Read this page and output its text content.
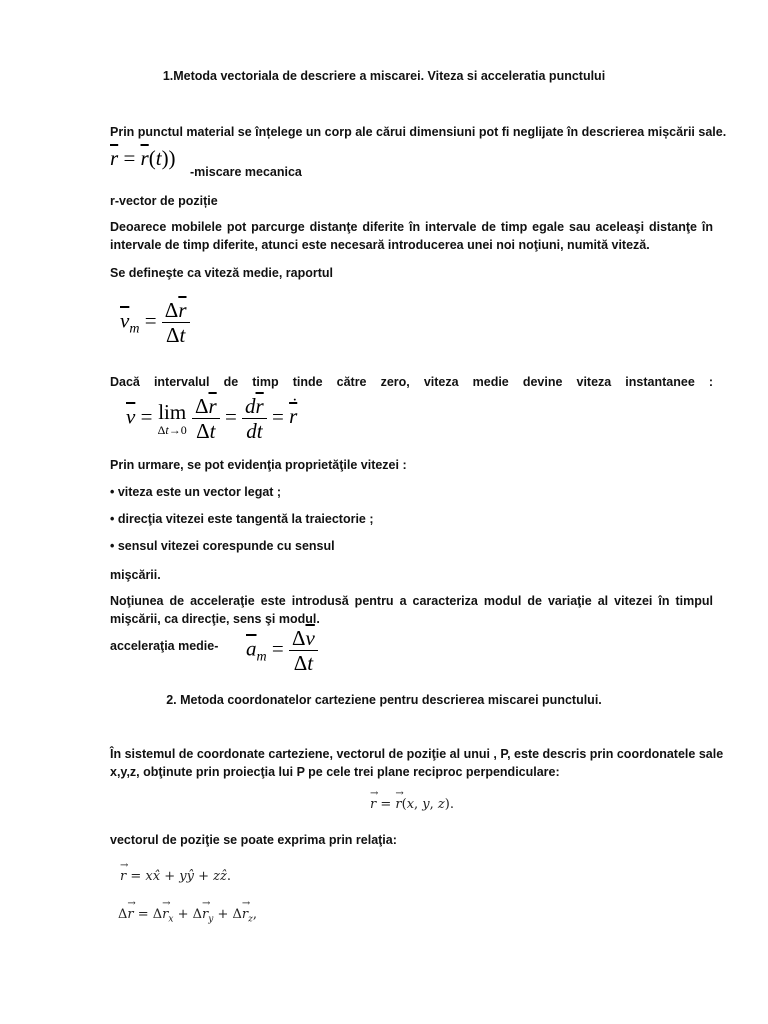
1.Metoda vectoriala de descriere a miscarei. Viteza si acceleratia punctului
Prin punctul material se înțelege un corp ale cărui dimensiuni pot fi neglijate în descrierea mișcării sale.
$\overline{r} = \overline{r}(t)$)
-miscare mecanica
r-vector de poziție
Deoarece mobilele pot parcurge distanţe diferite în intervale de timp egale sau aceleaşi distanţe în
intervale de timp diferite, atunci este necesară introducerea unei noi noţiuni, numită viteză.
Se defineşte ca viteză medie, raportul
$\overline{v}_m = \frac{\Delta\overline{r}}{\Delta t}$
Dacă intervalul de timp tinde către zero, viteza medie devine viteza instantanee :
$\overline{v} = \lim$
Δt→0
$\frac{\Delta\overline{r}}{\Delta t} = \frac{d\overline{r}}{dt} = \overline{r}$
·
Prin urmare, se pot evidenţia proprietăţile vitezei :
• viteza este un vector legat ;
• direcţia vitezei este tangentă la traiectorie ;
• sensul vitezei corespunde cu sensul
mişcării.
Noţiunea de acceleraţie este introdusă pentru a caracteriza modul de variaţie al vitezei în timpul
mişcării, ca direcţie, sens şi modul.
acceleraţia medie- $\overline{a}_m = \frac{\Delta\overline{v}}{\Delta t}$
2. Metoda coordonatelor carteziene pentru descrierea miscarei punctului.
În sistemul de coordonate carteziene, vectorul de poziţie al unui , P, este descris prin coordonatele sale
x,y,z, obţinute prin proiecţia lui P pe cele trei plane reciproc perpendiculare:
r
→
= r
→
(x, y, z).
vectorul de poziţie se poate exprima prin relaţia:
r
→
= xx̂ + yŷ + zẑ.
Δr
→
= Δr
→
$_x$ + Δr
→
$_y$ + Δr
→
$_z$,
